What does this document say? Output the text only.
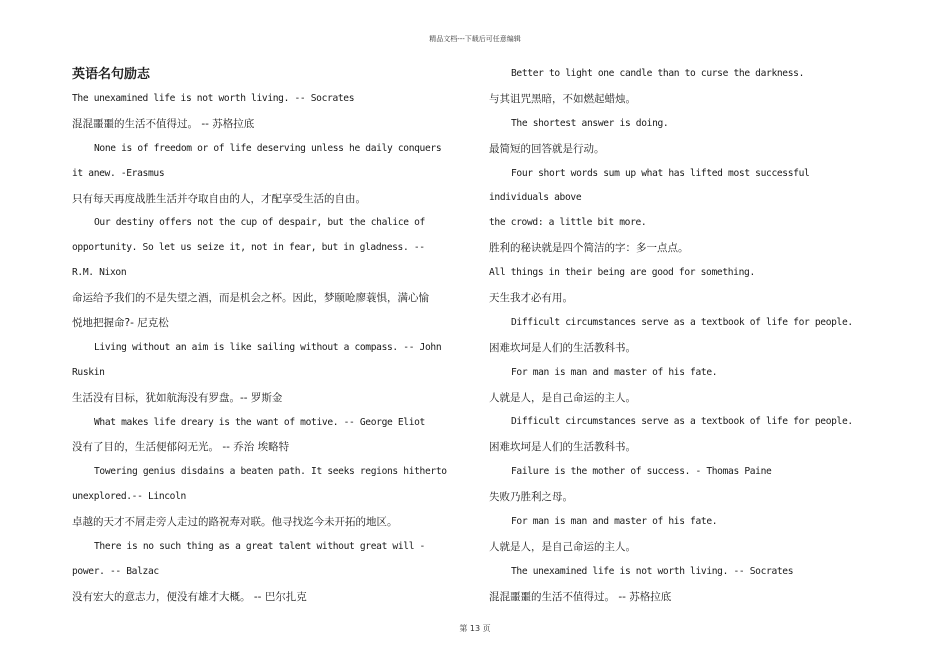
精品文档---下载后可任意编辑
英语名句励志
The unexamined life is not worth living. -- Socrates
混混噩噩的生活不值得过。 -- 苏格拉底
None is of freedom or of life deserving unless he daily conquers
it anew. -Erasmus
只有每天再度战胜生活并夺取自由的人，才配享受生活的自由。
Our destiny offers not the cup of despair, but the chalice of
opportunity. So let us seize it, not in fear, but in gladness. --
R.M. Nixon
命运给予我们的不是失望之酒，而是机会之杯。因此，梦颐呛廖蓑惧，满心愉
悦地把握命?- 尼克松
Living without an aim is like sailing without a compass. -- John
Ruskin
生活没有目标，犹如航海没有罗盘。-- 罗斯金
What makes life dreary is the want of motive. -- George Eliot
没有了目的，生活便郁闷无光。 -- 乔治 埃略特
Towering genius disdains a beaten path. It seeks regions hitherto
unexplored.-- Lincoln
卓越的天才不屑走旁人走过的路祝寿对联。他寻找迄今未开拓的地区。
There is no such thing as a great talent without great will -
power. -- Balzac
没有宏大的意志力，便没有雄才大概。 -- 巴尔扎克
Better to light one candle than to curse the darkness.
与其诅咒黑暗，不如燃起蜡烛。
The shortest answer is doing.
最简短的回答就是行动。
Four short words sum up what has lifted most successful
individuals above
the crowd: a little bit more.
胜利的秘诀就是四个简洁的字：多一点点。
All things in their being are good for something.
天生我才必有用。
Difficult circumstances serve as a textbook of life for people.
困难坎坷是人们的生活教科书。
For man is man and master of his fate.
人就是人，是自己命运的主人。
Difficult circumstances serve as a textbook of life for people.
困难坎坷是人们的生活教科书。
Failure is the mother of success. - Thomas Paine
失败乃胜利之母。
For man is man and master of his fate.
人就是人，是自己命运的主人。
The unexamined life is not worth living. -- Socrates
混混噩噩的生活不值得过。 -- 苏格拉底
第 13 页
